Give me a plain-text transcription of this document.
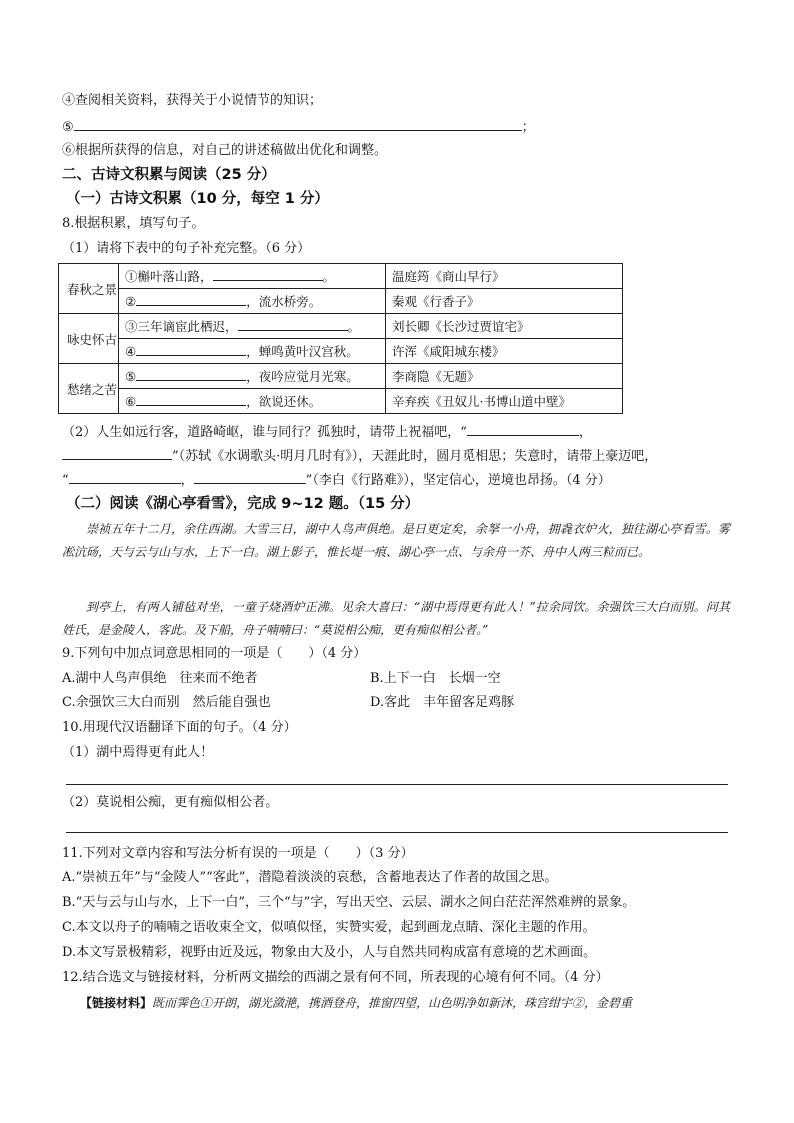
④查阅相关资料，获得关于小说情节的知识；
⑤	；
⑥根据所获得的信息，对自己的讲述稿做出优化和调整。
二、古诗文积累与阅读（25 分）
（一）古诗文积累（10 分，每空 1 分）
8.根据积累，填写句子。
（1）请将下表中的句子补充完整。（6 分）
春秋之景	①槲叶落山路， 。	温庭筠《商山早行》
	② ，流水桥旁。	秦观《行香子》
咏史怀古	③三年谪宦此栖迟， 。	刘长卿《长沙过贾谊宅》
	④ ，蝉鸣黄叶汉宫秋。	许浑《咸阳城东楼》
愁绪之苦	⑤ ，夜吟应觉月光寒。	李商隐《无题》
	⑥ ，欲说还休。	辛弃疾《丑奴儿·书博山道中壁》
（2）人生如远行客，道路崎岖，谁与同行？孤独时，请带上祝福吧，“	，
”（苏轼《水调歌头·明月几时有》），天涯此时，圆月觅相思；失意时，请带上豪迈吧，
“	，	”（李白《行路难》），坚定信心，逆境也昂扬。（4 分）
（二）阅读《湖心亭看雪》，完成 9~12 题。（15 分）
崇祯五年十二月，余住西湖。大雪三日，湖中人鸟声俱绝。是日更定矣，余拏一小舟，拥毳衣炉火，独往湖心亭看雪。雾凇沆砀，天与云与山与水，上下一白。湖上影子，惟长堤一痕、湖心亭一点、与余舟一芥、舟中人两三粒而已。
到亭上，有两人铺毡对坐，一童子烧酒炉正沸。见余大喜曰：“湖中焉得更有此人！”拉余同饮。余强饮三大白而别。问其姓氏，是金陵人，客此。及下船，舟子喃喃曰：“莫说相公痴，更有痴似相公者。”
9.下列句中加点词意思相同的一项是（　　）（4 分）
A.湖中人鸟声俱绝　往来而不绝者	B.上下一白　长烟一空
C.余强饮三大白而别　然后能自强也	D.客此　丰年留客足鸡豚
10.用现代汉语翻译下面的句子。（4 分）
（1）湖中焉得更有此人！
（2）莫说相公痴，更有痴似相公者。
11.下列对文章内容和写法分析有误的一项是（　　）（3 分）
A.“崇祯五年”与“金陵人”“客此”，潜隐着淡淡的哀愁，含蓄地表达了作者的故国之思。
B.“天与云与山与水，上下一白”，三个“与”字，写出天空、云层、湖水之间白茫茫浑然难辨的景象。
C.本文以舟子的喃喃之语收束全文，似嗔似怪，实赞实爱，起到画龙点睛、深化主题的作用。
D.本文写景极精彩，视野由近及远，物象由大及小，人与自然共同构成富有意境的艺术画面。
12.结合选文与链接材料，分析两文描绘的西湖之景有何不同，所表现的心境有何不同。（4 分）
【链接材料】既而霁色①开朗，湖光潋滟，携酒登舟，推窗四望，山色明净如新沐，珠宫绀宇②，金碧重
